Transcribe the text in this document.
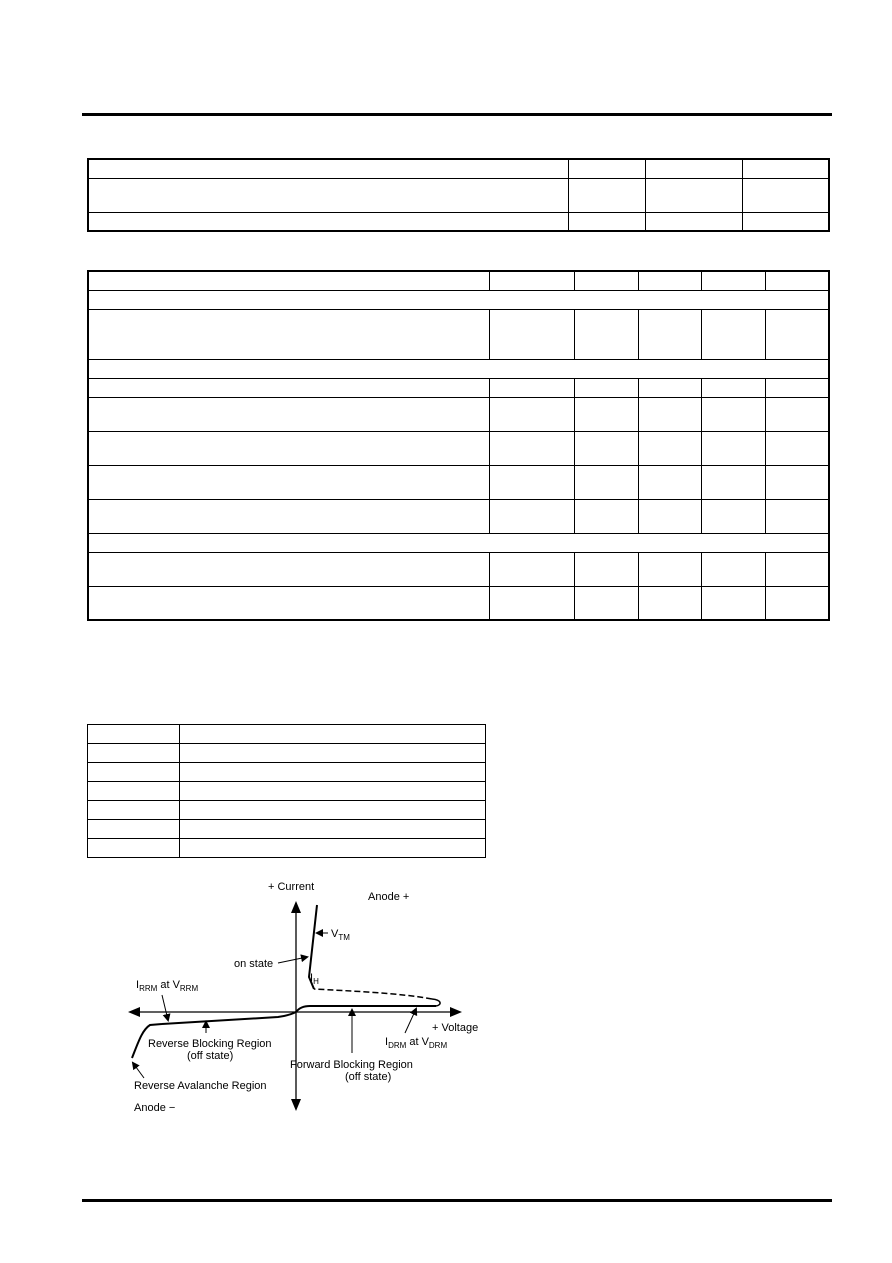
+ Current
Anode +
$V_{TM}$
on state
$I_H$
$I_{RRM}$ at $V_{RRM}$
+ Voltage
$I_{DRM}$ at $V_{DRM}$
Reverse Blocking Region
(off state)
Forward Blocking Region
(off state)
Reverse Avalanche Region
Anode −
